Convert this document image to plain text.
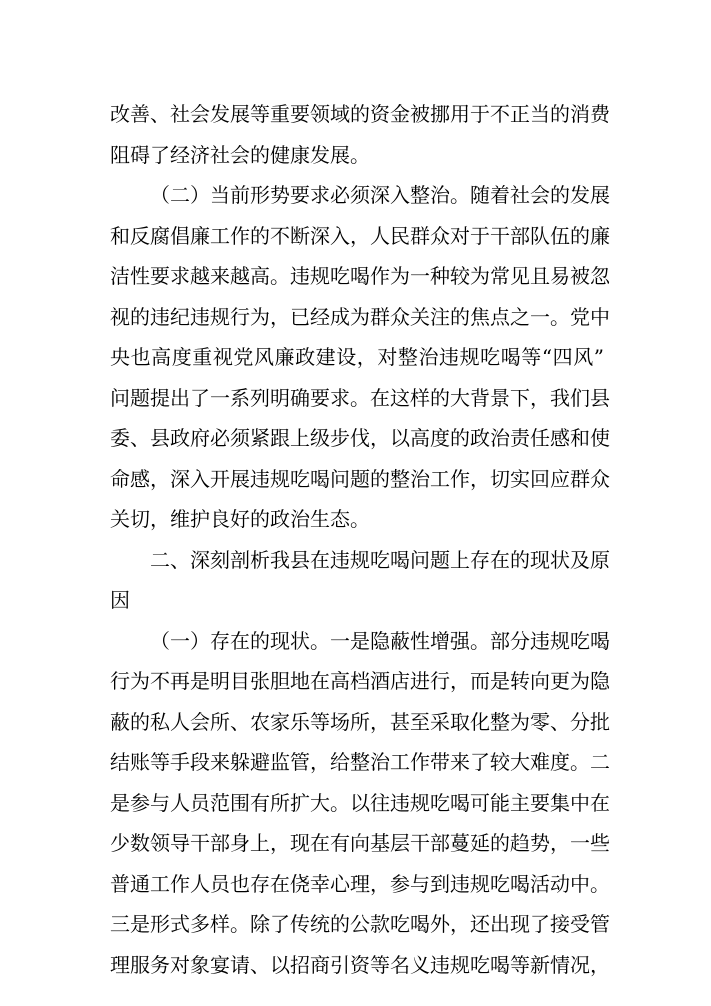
改善、社会发展等重要领域的资金被挪用于不正当的消费

阻碍了经济社会的健康发展。

（二）当前形势要求必须深入整治。随着社会的发展

和反腐倡廉工作的不断深入，人民群众对于干部队伍的廉

洁性要求越来越高。违规吃喝作为一种较为常见且易被忽

视的违纪违规行为，已经成为群众关注的焦点之一。党中

央也高度重视党风廉政建设，对整治违规吃喝等“四风”

问题提出了一系列明确要求。在这样的大背景下，我们县

委、县政府必须紧跟上级步伐，以高度的政治责任感和使

命感，深入开展违规吃喝问题的整治工作，切实回应群众

关切，维护良好的政治生态。

二、深刻剖析我县在违规吃喝问题上存在的现状及原

因

（一）存在的现状。一是隐蔽性增强。部分违规吃喝

行为不再是明目张胆地在高档酒店进行，而是转向更为隐

蔽的私人会所、农家乐等场所，甚至采取化整为零、分批

结账等手段来躲避监管，给整治工作带来了较大难度。二

是参与人员范围有所扩大。以往违规吃喝可能主要集中在

少数领导干部身上，现在有向基层干部蔓延的趋势，一些

普通工作人员也存在侥幸心理，参与到违规吃喝活动中。

三是形式多样。除了传统的公款吃喝外，还出现了接受管

理服务对象宴请、以招商引资等名义违规吃喝等新情况，
